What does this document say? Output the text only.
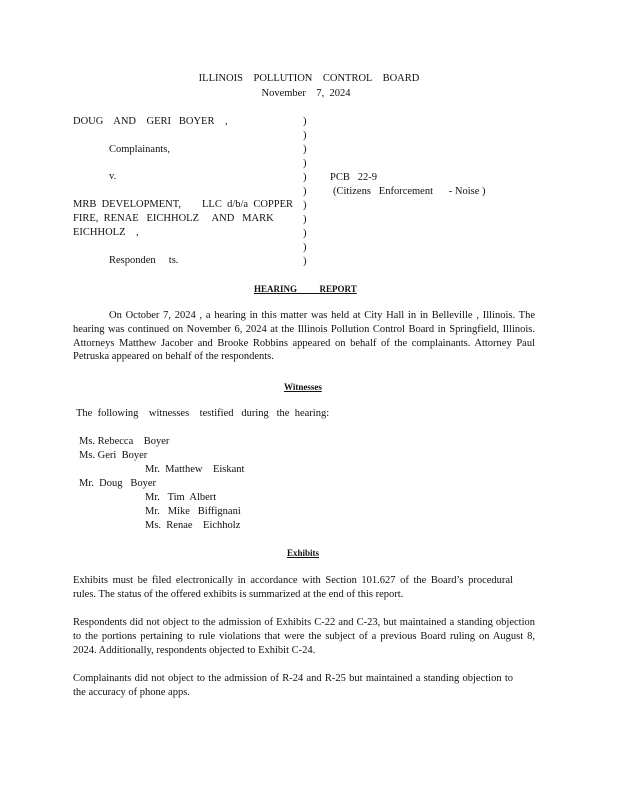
ILLINOIS    POLLUTION    CONTROL    BOARD
November    7,  2024
DOUG    AND    GERI   BOYER    ,
Complainants,
v.
MRB  DEVELOPMENT,        LLC  d/b/a  COPPER
FIRE,  RENAE   EICHHOLZ     AND   MARK
EICHHOLZ    ,
Responden     ts.
)
)
)
)
)
)
)
)
)
)
)
PCB   22-9
(Citizens   Enforcement      - Noise )
HEARING          REPORT
On October 7, 2024 , a hearing in this matter was held at City Hall in in Belleville , Illinois. The hearing was continued on November 6, 2024 at the Illinois Pollution Control Board in Springfield, Illinois. Attorneys Matthew Jacober and Brooke Robbins appeared on behalf of the complainants. Attorney Paul Petruska appeared on behalf of the respondents.
Witnesses
The  following    witnesses    testified   during   the  hearing:
Ms. Rebecca    Boyer
Ms. Geri  Boyer
Mr.  Matthew    Eiskant
Mr.  Doug   Boyer
Mr.   Tim  Albert
Mr.   Mike   Biffignani
Ms.  Renae    Eichholz
Exhibits
Exhibits must be filed electronically in accordance with Section 101.627 of the Board’s procedural rules. The status of the offered exhibits is summarized at the end of this report.
Respondents did not object to the admission of Exhibits C-22 and C-23, but maintained a standing objection to the portions pertaining to rule violations that were the subject of a previous Board ruling on August 8, 2024. Additionally, respondents objected to Exhibit C-24.
Complainants did not object to the admission of R-24 and R-25 but maintained a standing objection to the accuracy of phone apps.
